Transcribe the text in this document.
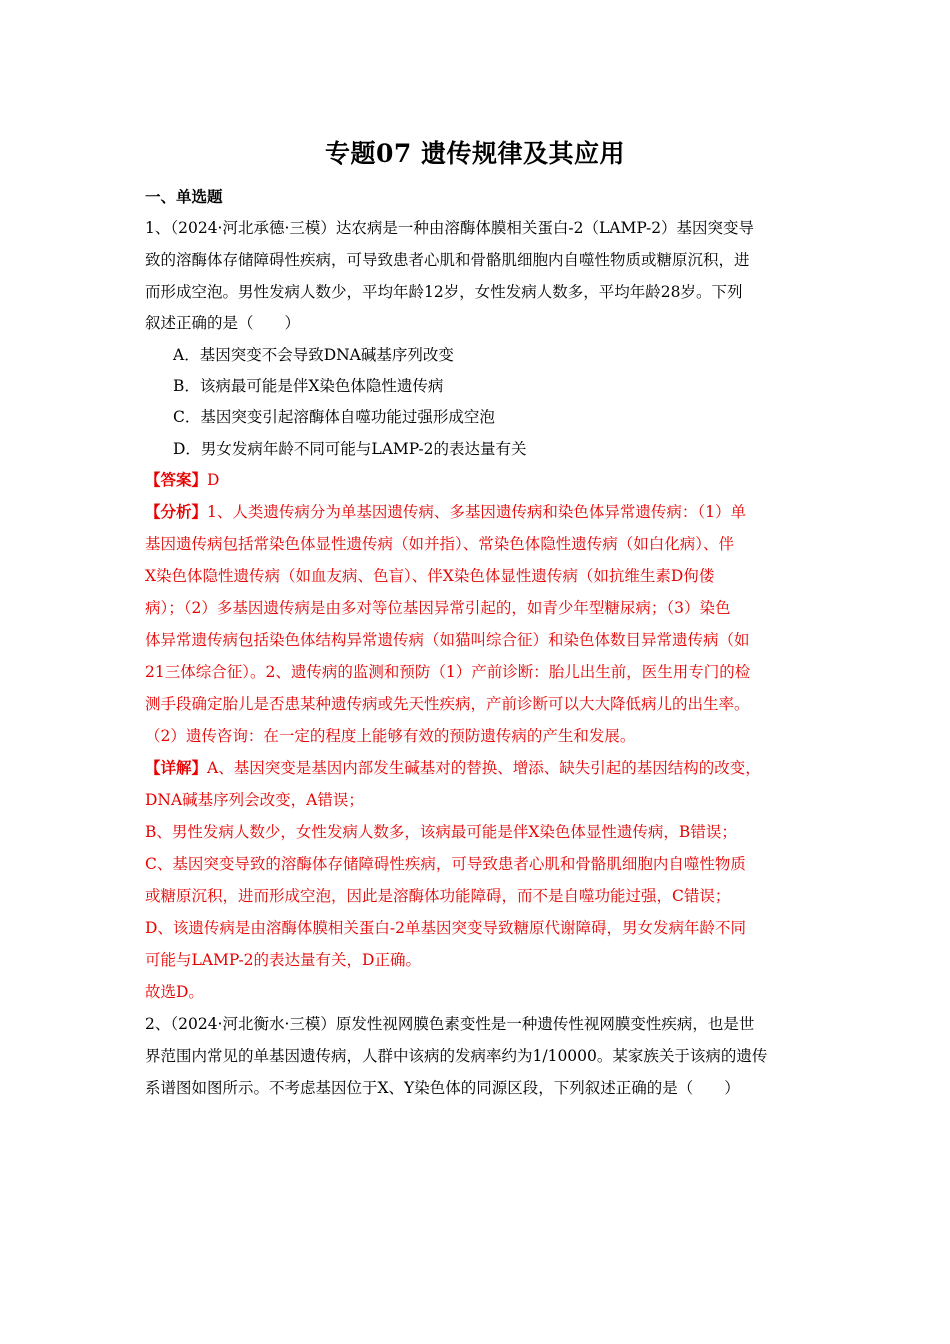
专题07 遗传规律及其应用
一、单选题
1、（2024·河北承德·三模）达农病是一种由溶酶体膜相关蛋白-2（LAMP-2）基因突变导
致的溶酶体存储障碍性疾病，可导致患者心肌和骨骼肌细胞内自噬性物质或糖原沉积，进
而形成空泡。男性发病人数少，平均年龄12岁，女性发病人数多，平均年龄28岁。下列
叙述正确的是（　　）
A．基因突变不会导致DNA碱基序列改变
B．该病最可能是伴X染色体隐性遗传病
C．基因突变引起溶酶体自噬功能过强形成空泡
D．男女发病年龄不同可能与LAMP-2的表达量有关
【答案】D
【分析】1、人类遗传病分为单基因遗传病、多基因遗传病和染色体异常遗传病：（1）单
基因遗传病包括常染色体显性遗传病（如并指）、常染色体隐性遗传病（如白化病）、伴
X染色体隐性遗传病（如血友病、色盲）、伴X染色体显性遗传病（如抗维生素D佝偻
病）；（2）多基因遗传病是由多对等位基因异常引起的，如青少年型糖尿病；（3）染色
体异常遗传病包括染色体结构异常遗传病（如猫叫综合征）和染色体数目异常遗传病（如
21三体综合征）。2、遗传病的监测和预防（1）产前诊断：胎儿出生前，医生用专门的检
测手段确定胎儿是否患某种遗传病或先天性疾病，产前诊断可以大大降低病儿的出生率。
（2）遗传咨询：在一定的程度上能够有效的预防遗传病的产生和发展。
【详解】A、基因突变是基因内部发生碱基对的替换、增添、缺失引起的基因结构的改变，
DNA碱基序列会改变，A错误；
B、男性发病人数少，女性发病人数多，该病最可能是伴X染色体显性遗传病，B错误；
C、基因突变导致的溶酶体存储障碍性疾病，可导致患者心肌和骨骼肌细胞内自噬性物质
或糖原沉积，进而形成空泡，因此是溶酶体功能障碍，而不是自噬功能过强，C错误；
D、该遗传病是由溶酶体膜相关蛋白-2单基因突变导致糖原代谢障碍，男女发病年龄不同
可能与LAMP-2的表达量有关，D正确。
故选D。
2、（2024·河北衡水·三模）原发性视网膜色素变性是一种遗传性视网膜变性疾病，也是世
界范围内常见的单基因遗传病，人群中该病的发病率约为1/10000。某家族关于该病的遗传
系谱图如图所示。不考虑基因位于X、Y染色体的同源区段，下列叙述正确的是（　　）
